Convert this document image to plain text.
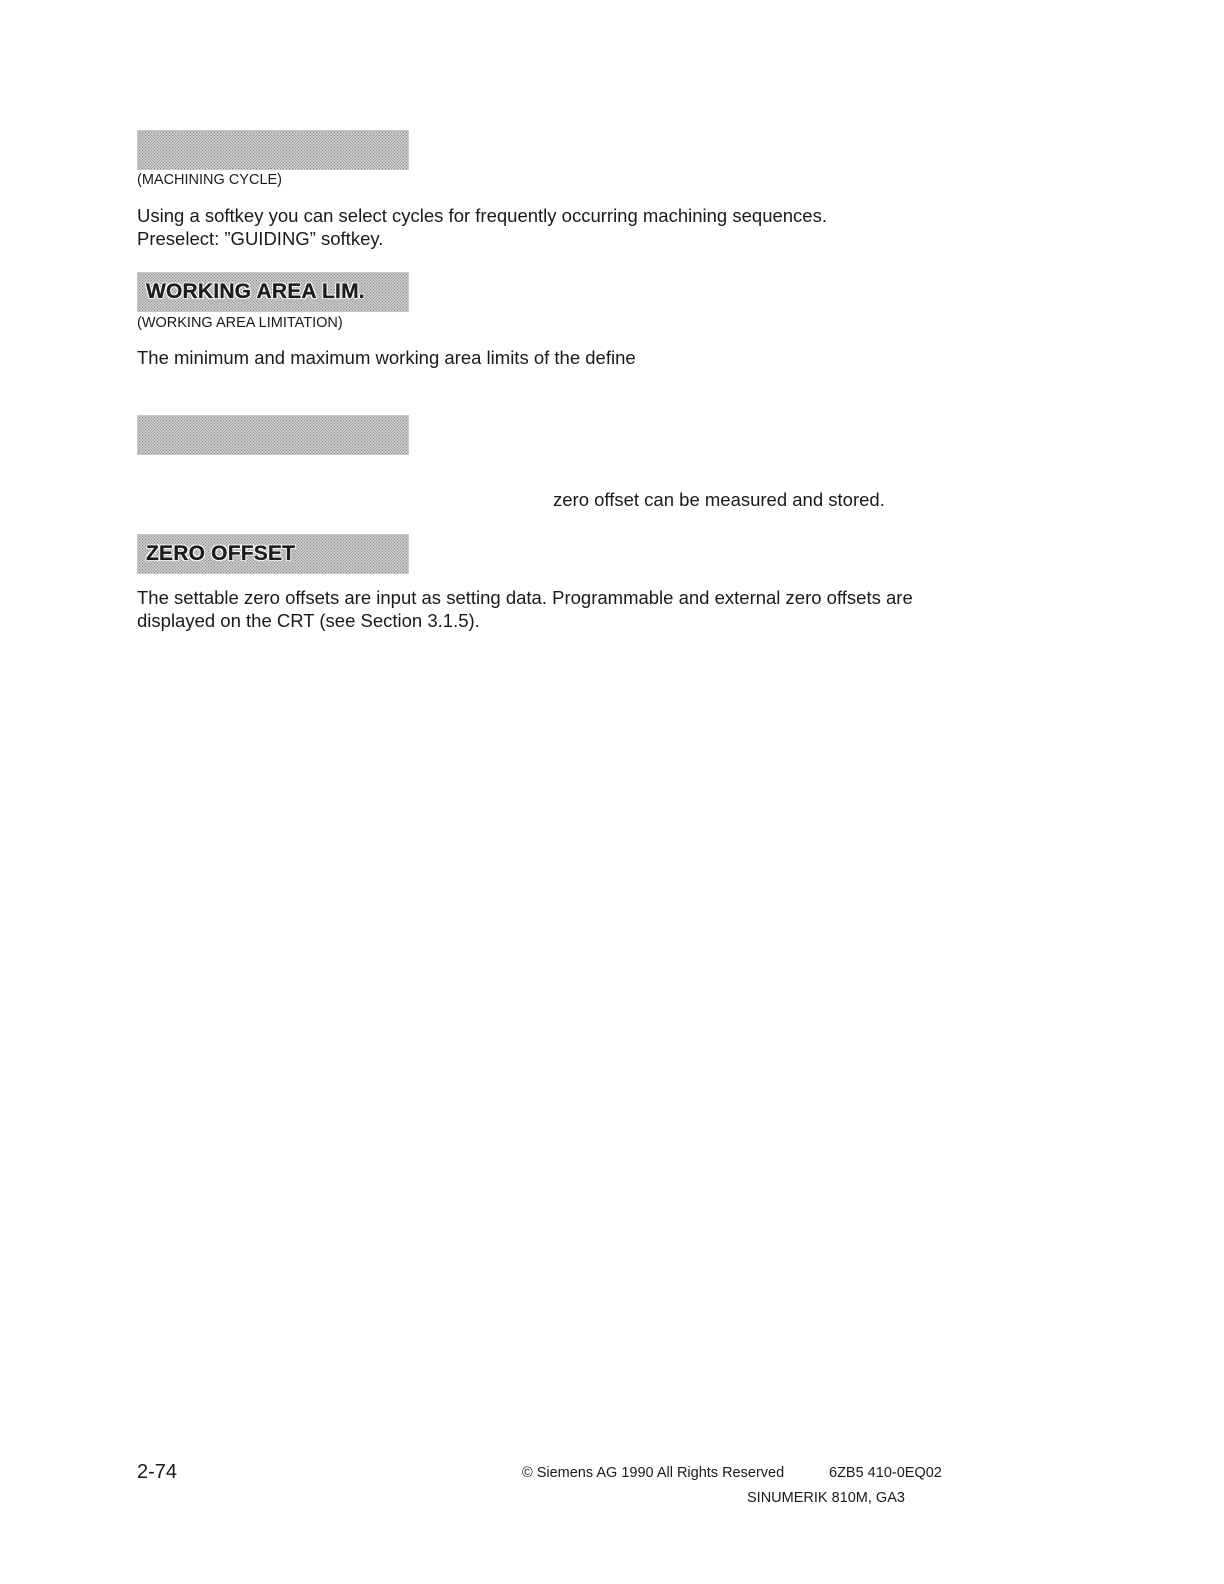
(MACHINING CYCLE)
Using a softkey you can select cycles for frequently occurring machining sequences.
Preselect: ”GUIDING” softkey.
WORKING AREA LIM.
(WORKING AREA LIMITATION)
The minimum and maximum working area limits of the define
zero offset can be measured and stored.
ZERO OFFSET
The settable zero offsets are input as setting data. Programmable and external zero offsets are
displayed on the CRT (see Section 3.1.5).
2-74	© Siemens AG 1990 All Rights Reserved	6ZB5 410-0EQ02
SINUMERIK 810M, GA3
